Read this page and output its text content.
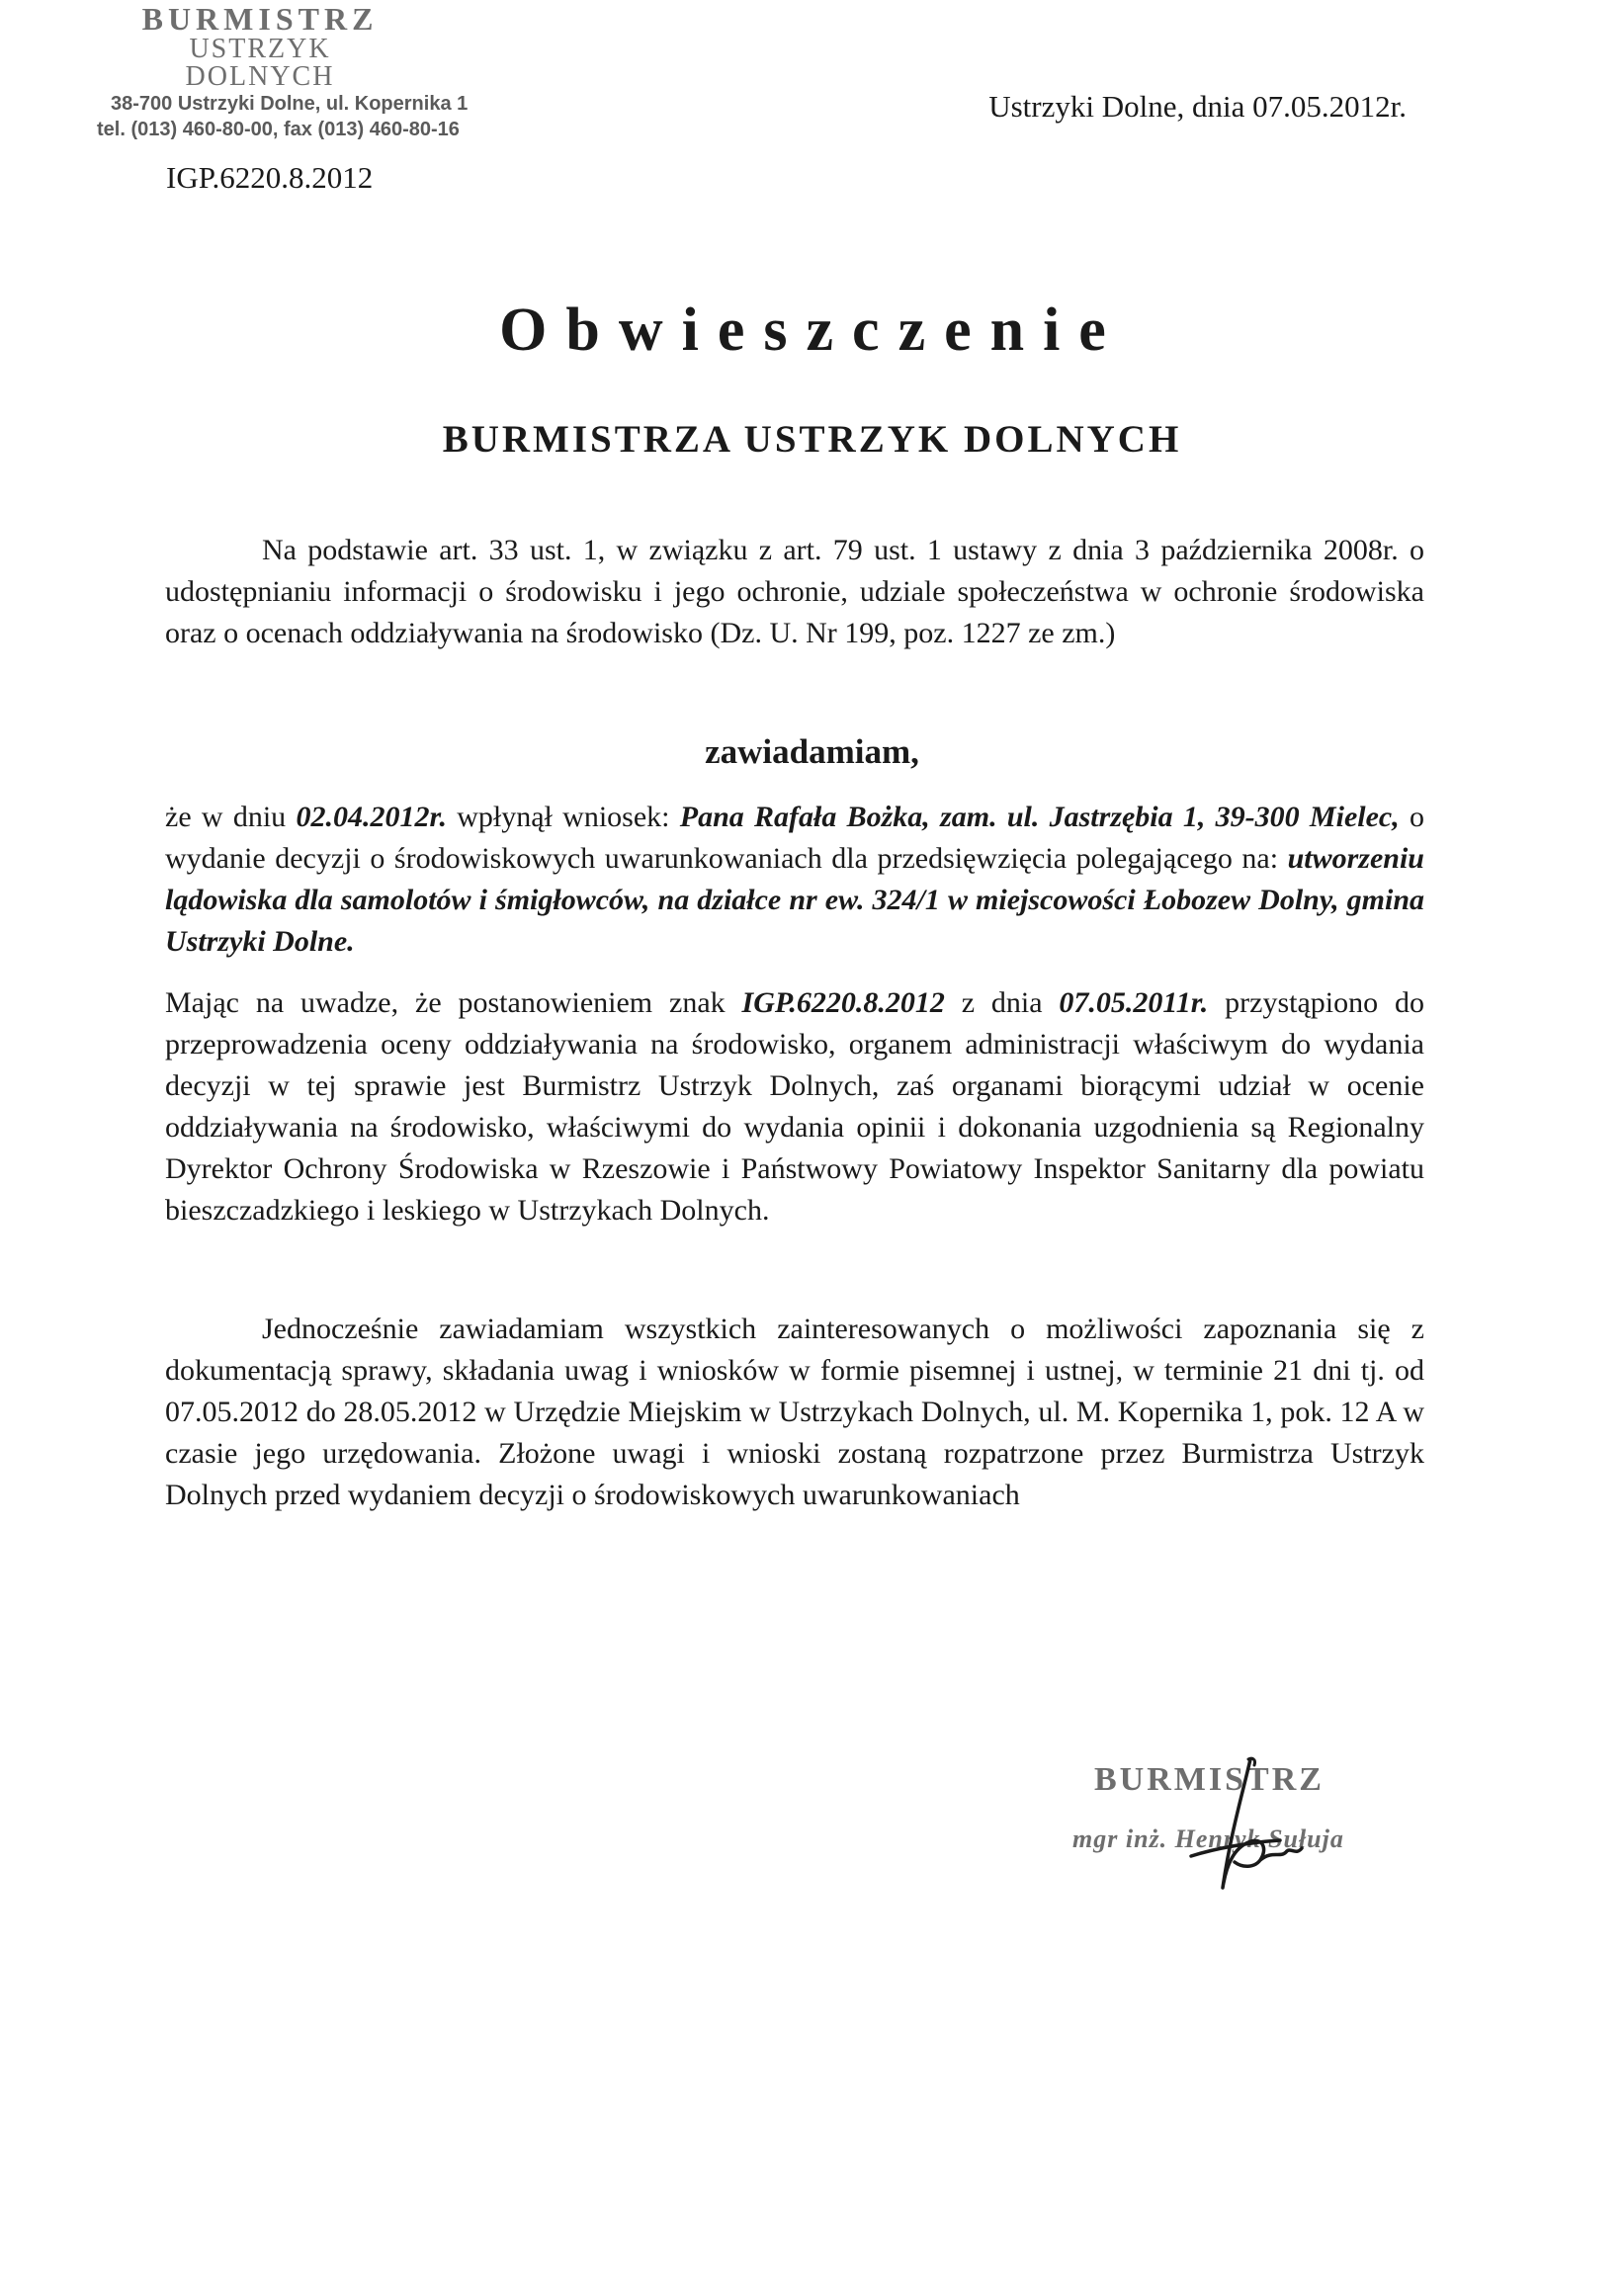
BURMISTRZ
USTRZYK DOLNYCH
38-700 Ustrzyki Dolne, ul. Kopernika 1
tel. (013) 460-80-00, fax (013) 460-80-16
Ustrzyki Dolne, dnia 07.05.2012r.
IGP.6220.8.2012
Obwieszczenie
BURMISTRZA USTRZYK DOLNYCH

Na podstawie art. 33 ust. 1, w związku z art. 79 ust. 1 ustawy z dnia 3 października 2008r. o udostępnianiu informacji o środowisku i jego ochronie, udziale społeczeństwa w ochronie środowiska oraz o ocenach oddziaływania na środowisko (Dz. U. Nr 199, poz. 1227 ze zm.)

zawiadamiam,

że w dniu 02.04.2012r. wpłynął wniosek: Pana Rafała Bożka, zam. ul. Jastrzębia 1, 39-300 Mielec, o wydanie decyzji o środowiskowych uwarunkowaniach dla przedsięwzięcia polegającego na: utworzeniu lądowiska dla samolotów i śmigłowców, na działce nr ew. 324/1 w miejscowości Łobozew Dolny, gmina Ustrzyki Dolne.

Mając na uwadze, że postanowieniem znak IGP.6220.8.2012 z dnia 07.05.2011r. przystąpiono do przeprowadzenia oceny oddziaływania na środowisko, organem administracji właściwym do wydania decyzji w tej sprawie jest Burmistrz Ustrzyk Dolnych, zaś organami biorącymi udział w ocenie oddziaływania na środowisko, właściwymi do wydania opinii i dokonania uzgodnienia są Regionalny Dyrektor Ochrony Środowiska w Rzeszowie i Państwowy Powiatowy Inspektor Sanitarny dla powiatu bieszczadzkiego i leskiego w Ustrzykach Dolnych.

Jednocześnie zawiadamiam wszystkich zainteresowanych o możliwości zapoznania się z dokumentacją sprawy, składania uwag i wniosków w formie pisemnej i ustnej, w terminie 21 dni tj. od 07.05.2012 do 28.05.2012 w Urzędzie Miejskim w Ustrzykach Dolnych, ul. M. Kopernika 1, pok. 12 A w czasie jego urzędowania. Złożone uwagi i wnioski zostaną rozpatrzone przez Burmistrza Ustrzyk Dolnych przed wydaniem decyzji o środowiskowych uwarunkowaniach

BURMISTRZ
mgr inż. Henryk Sułuja
